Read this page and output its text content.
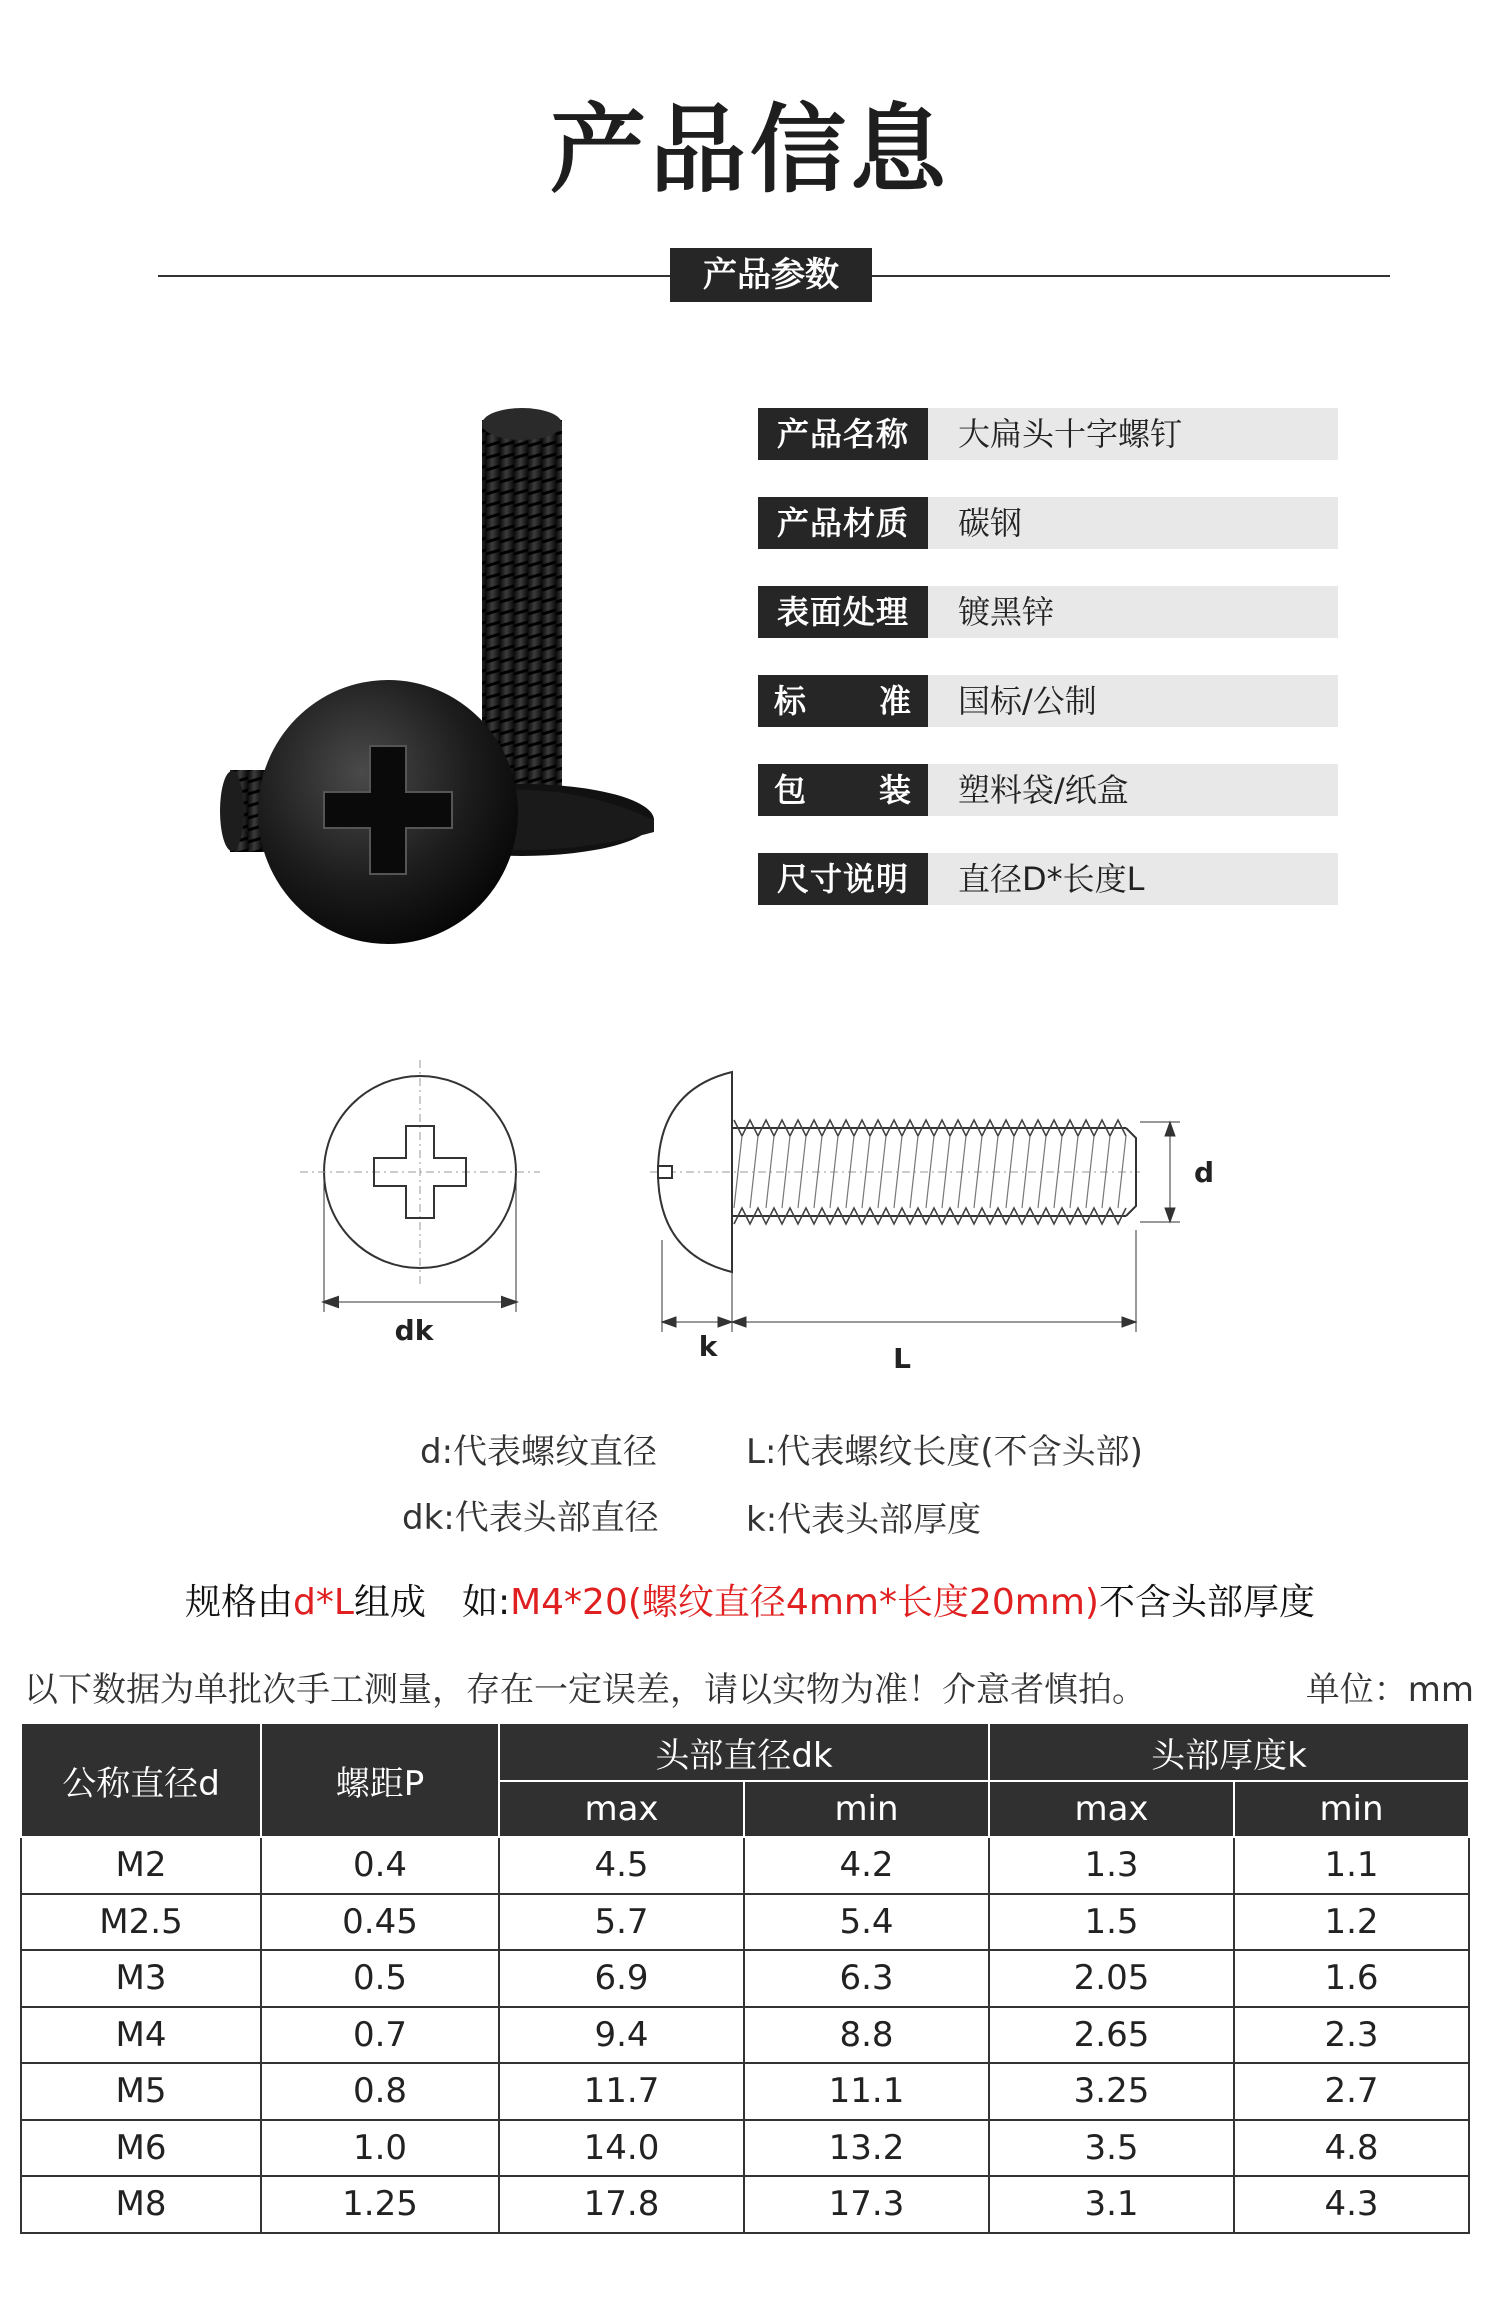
产品信息
产品参数
产品名称	大扁头十字螺钉
产品材质	碳钢
表面处理	镀黑锌
标　准	国标/公制
包　装	塑料袋/纸盒
尺寸说明	直径D*长度L
dk	k	L
d
d:代表螺纹直径	L:代表螺纹长度(不含头部)
dk:代表头部直径	k:代表头部厚度
规格由d*L组成　如:M4*20(螺纹直径4mm*长度20mm)不含头部厚度
以下数据为单批次手工测量，存在一定误差，请以实物为准！介意者慎拍。	单位：mm
公称直径d	螺距P	头部直径dk		头部厚度k	
		max	min	max	min
M2	0.4	4.5	4.2	1.3	1.1
M2.5	0.45	5.7	5.4	1.5	1.2
M3	0.5	6.9	6.3	2.05	1.6
M4	0.7	9.4	8.8	2.65	2.3
M5	0.8	11.7	11.1	3.25	2.7
M6	1.0	14.0	13.2	3.5	4.8
M8	1.25	17.8	17.3	3.1	4.3
